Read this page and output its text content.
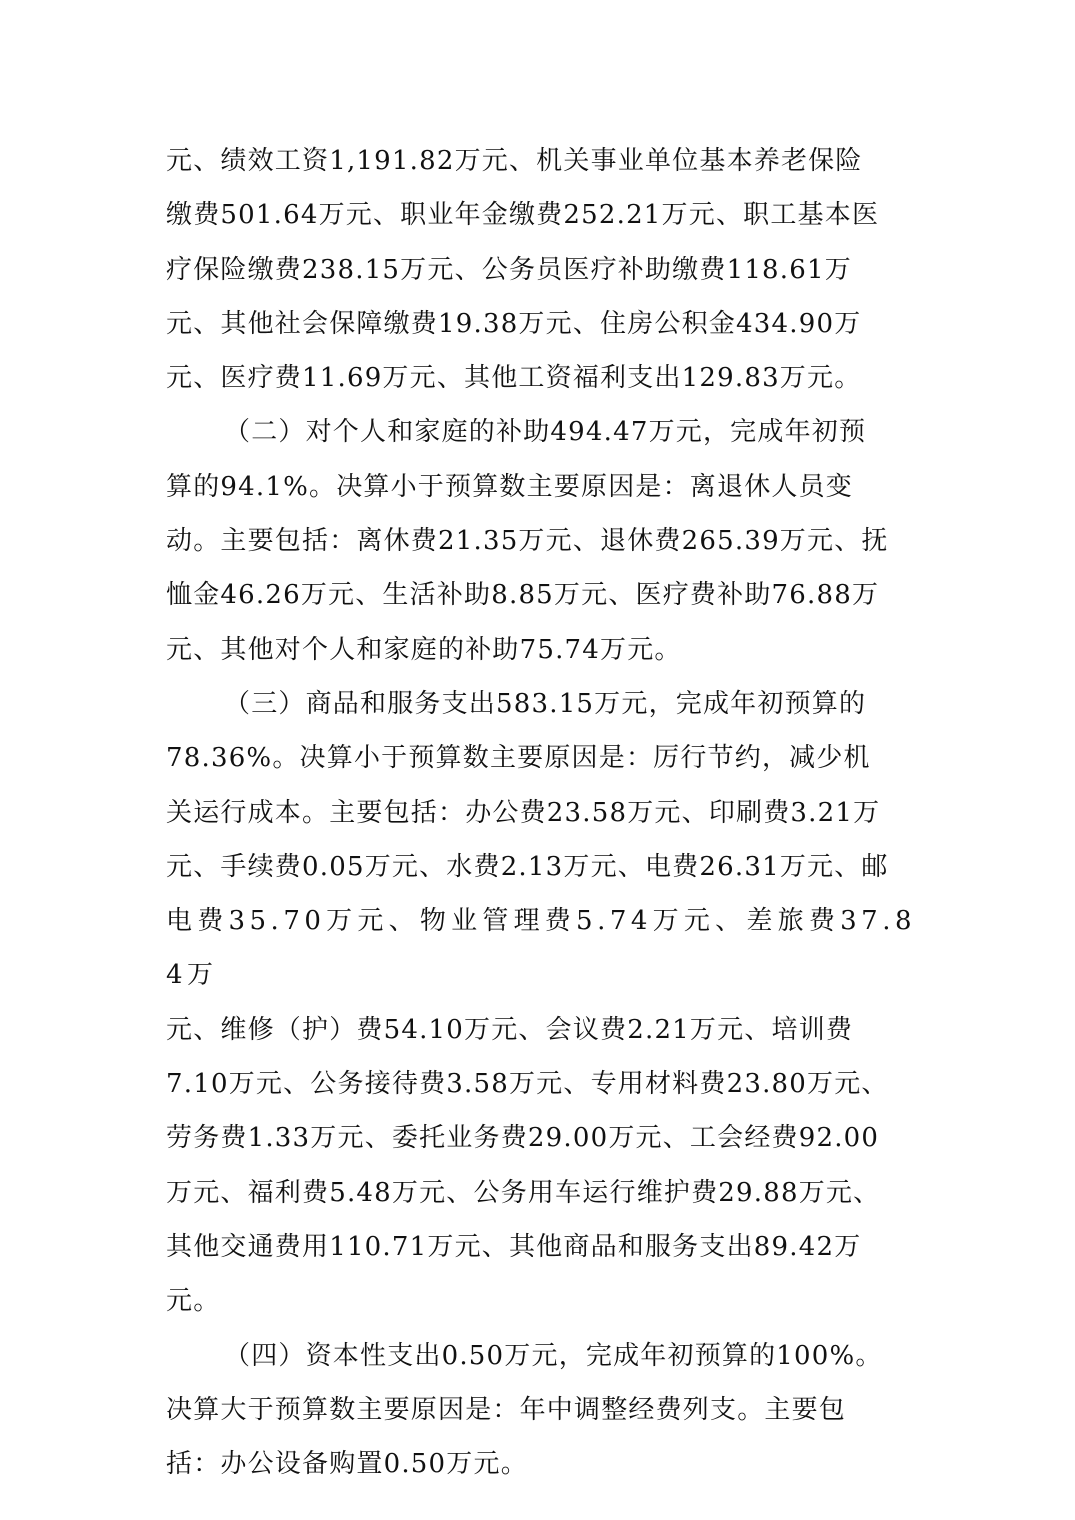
元、绩效工资1,191.82万元、机关事业单位基本养老保险
缴费501.64万元、职业年金缴费252.21万元、职工基本医
疗保险缴费238.15万元、公务员医疗补助缴费118.61万
元、其他社会保障缴费19.38万元、住房公积金434.90万
元、医疗费11.69万元、其他工资福利支出129.83万元。
（二）对个人和家庭的补助494.47万元，完成年初预
算的94.1%。决算小于预算数主要原因是：离退休人员变
动。主要包括：离休费21.35万元、退休费265.39万元、抚
恤金46.26万元、生活补助8.85万元、医疗费补助76.88万
元、其他对个人和家庭的补助75.74万元。
（三）商品和服务支出583.15万元，完成年初预算的
78.36%。决算小于预算数主要原因是：厉行节约，减少机
关运行成本。主要包括：办公费23.58万元、印刷费3.21万
元、手续费0.05万元、水费2.13万元、电费26.31万元、邮
电费35.70万元、物业管理费5.74万元、差旅费37.84万
元、维修（护）费54.10万元、会议费2.21万元、培训费
7.10万元、公务接待费3.58万元、专用材料费23.80万元、
劳务费1.33万元、委托业务费29.00万元、工会经费92.00
万元、福利费5.48万元、公务用车运行维护费29.88万元、
其他交通费用110.71万元、其他商品和服务支出89.42万
元。
（四）资本性支出0.50万元，完成年初预算的100%。
决算大于预算数主要原因是：年中调整经费列支。主要包
括：办公设备购置0.50万元。
